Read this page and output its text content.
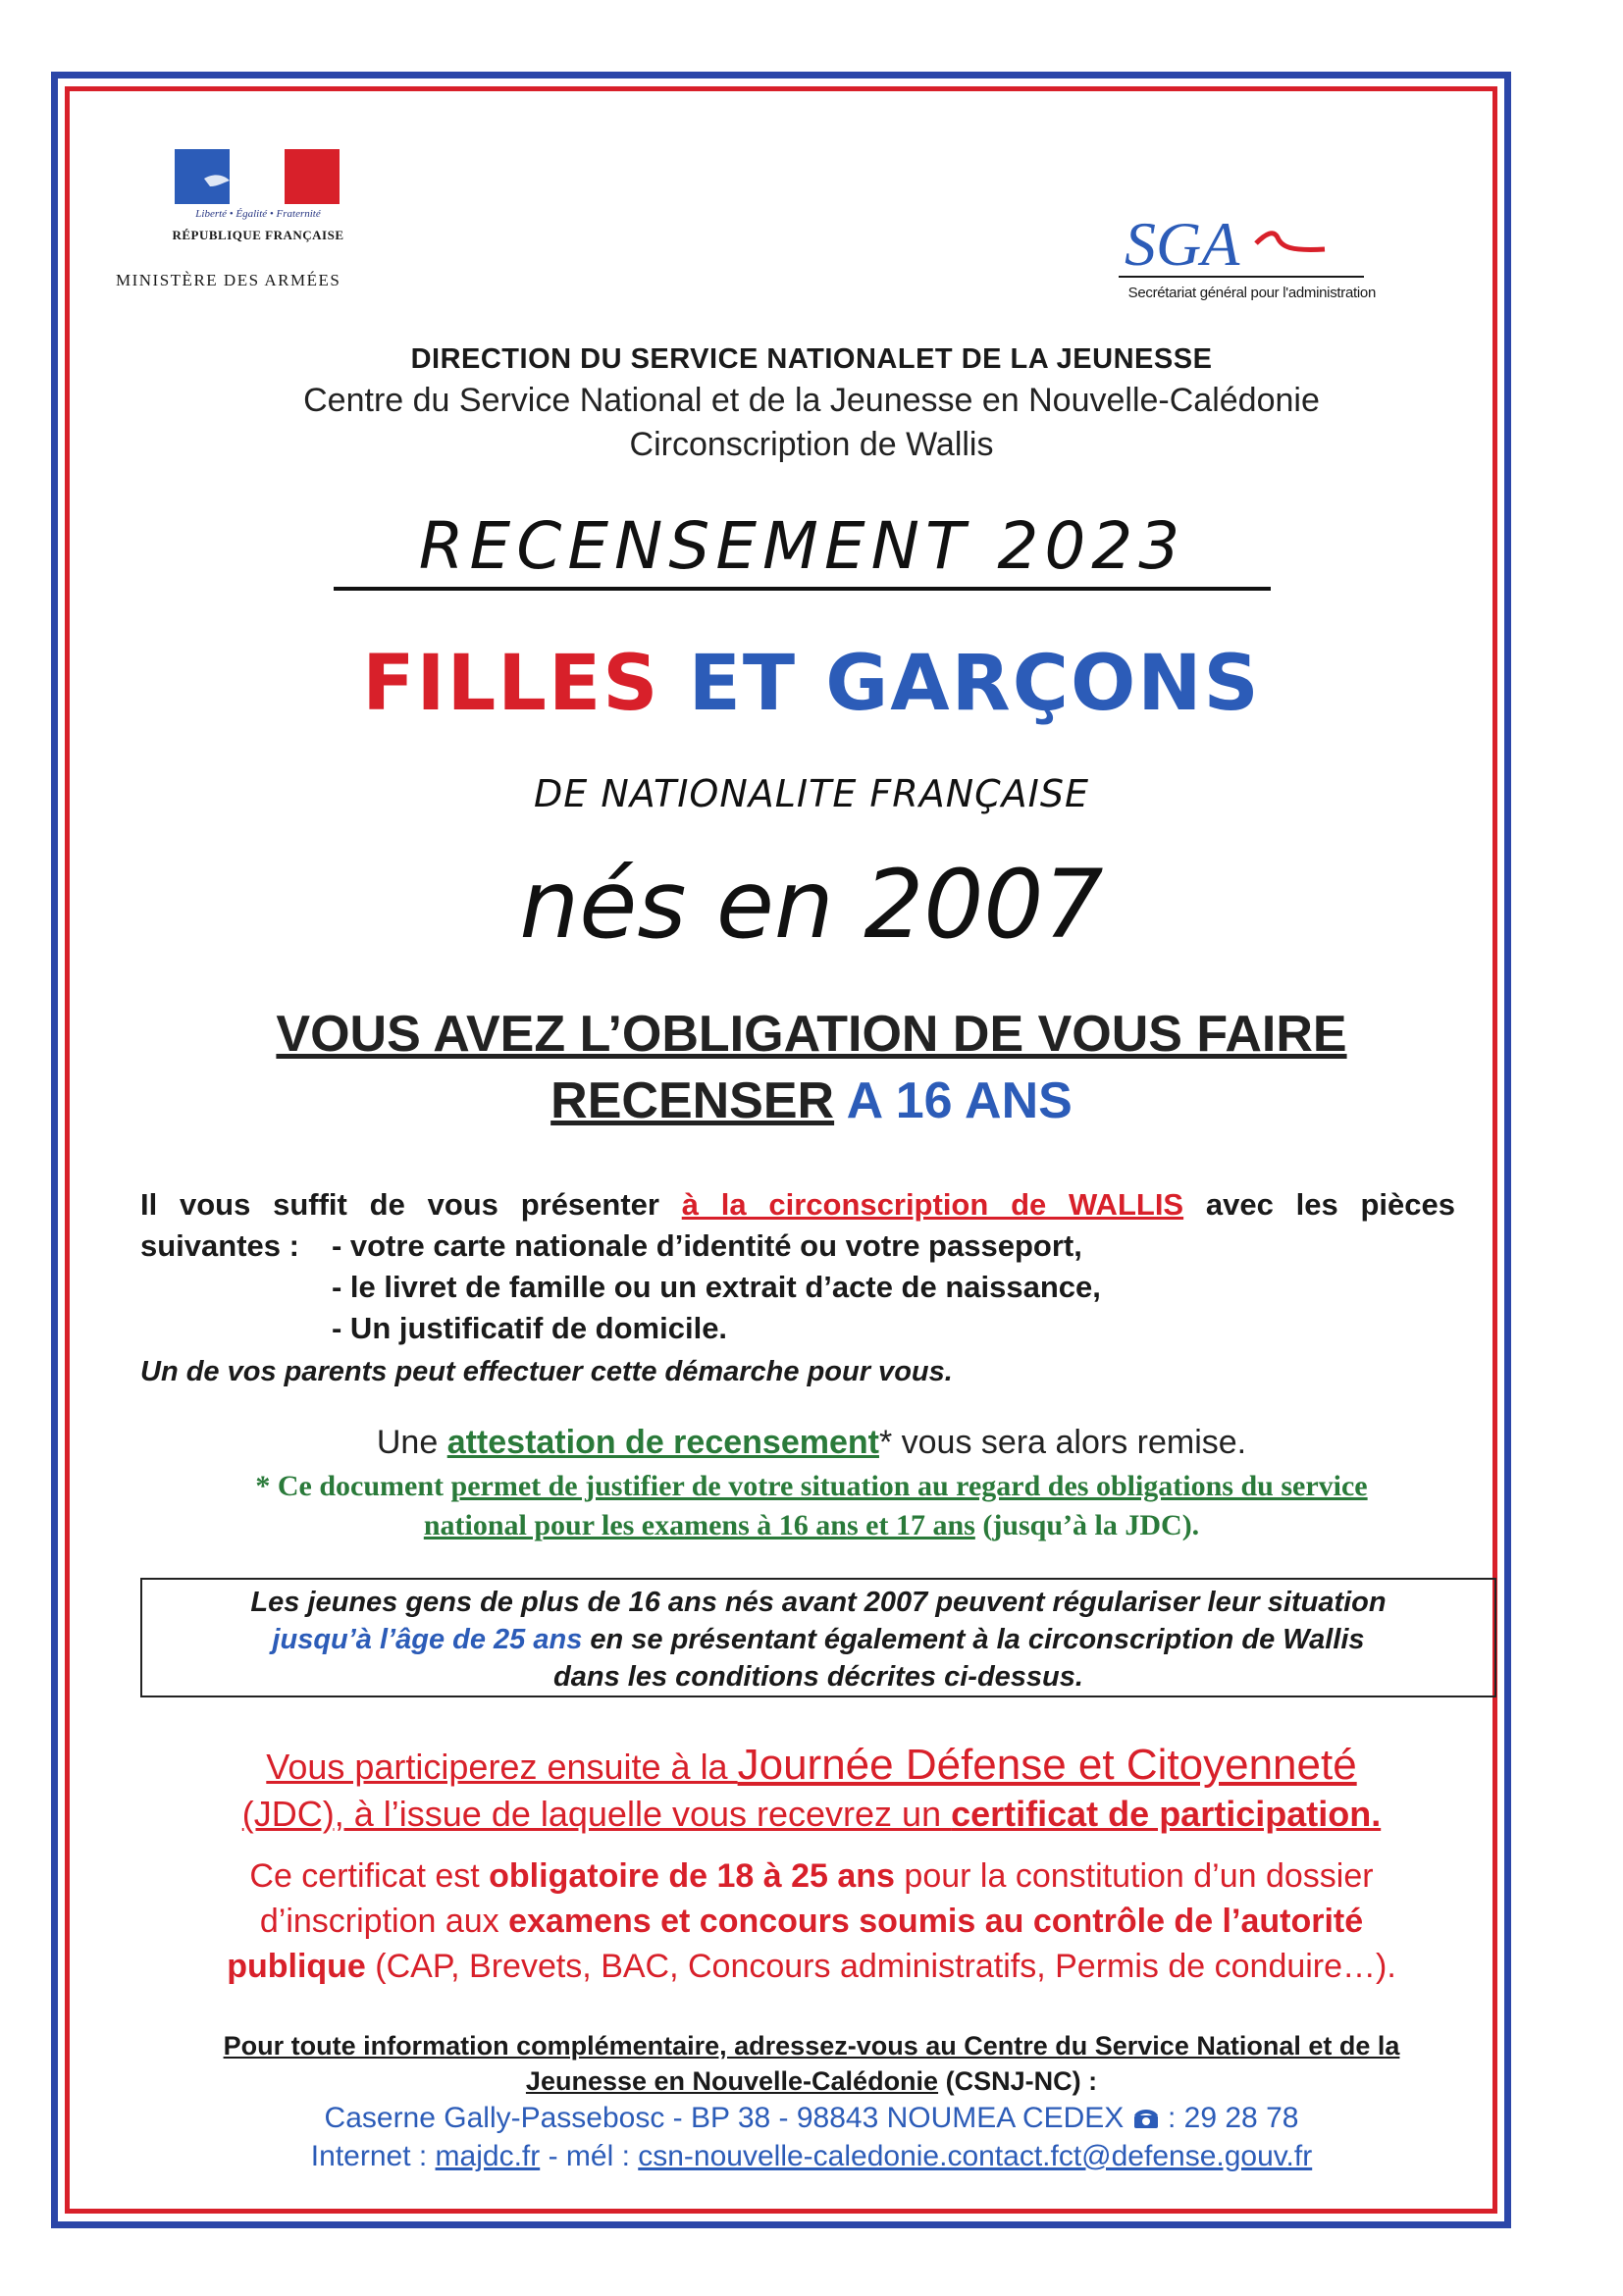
Liberté • Égalité • Fraternité
RÉPUBLIQUE FRANÇAISE
MINISTÈRE DES ARMÉES
SGA
Secrétariat général pour l'administration
DIRECTION DU SERVICE NATIONALET DE LA JEUNESSE
Centre du Service National et de la Jeunesse en Nouvelle-Calédonie
Circonscription de Wallis
RECENSEMENT 2023
FILLES ET GARÇONS
DE NATIONALITE FRANÇAISE
nés en 2007
VOUS AVEZ L’OBLIGATION DE VOUS FAIRE
RECENSER A 16 ANS
Il vous suffit de vous présenter à la circonscription de WALLIS avec les pièces
suivantes :	- votre carte nationale d’identité ou votre passeport,
- le livret de famille ou un extrait d’acte de naissance,
- Un justificatif de domicile.
Un de vos parents peut effectuer cette démarche pour vous.
Une attestation de recensement* vous sera alors remise.
* Ce document permet de justifier de votre situation au regard des obligations du service
national pour les examens à 16 ans et 17 ans (jusqu’à la JDC).
Les jeunes gens de plus de 16 ans nés avant 2007 peuvent régulariser leur situation
jusqu’à l’âge de 25 ans en se présentant également à la circonscription de Wallis
dans les conditions décrites ci-dessus.
Vous participerez ensuite à la Journée Défense et Citoyenneté
(JDC), à l’issue de laquelle vous recevrez un certificat de participation.
Ce certificat est obligatoire de 18 à 25 ans pour la constitution d’un dossier
d’inscription aux examens et concours soumis au contrôle de l’autorité
publique (CAP, Brevets, BAC, Concours administratifs, Permis de conduire…).
Pour toute information complémentaire, adressez-vous au Centre du Service National et de la
Jeunesse en Nouvelle-Calédonie (CSNJ-NC) :
Caserne Gally-Passebosc - BP 38 - 98843 NOUMEA CEDEX  : 29 28 78
Internet : majdc.fr - mél : csn-nouvelle-caledonie.contact.fct@defense.gouv.fr
